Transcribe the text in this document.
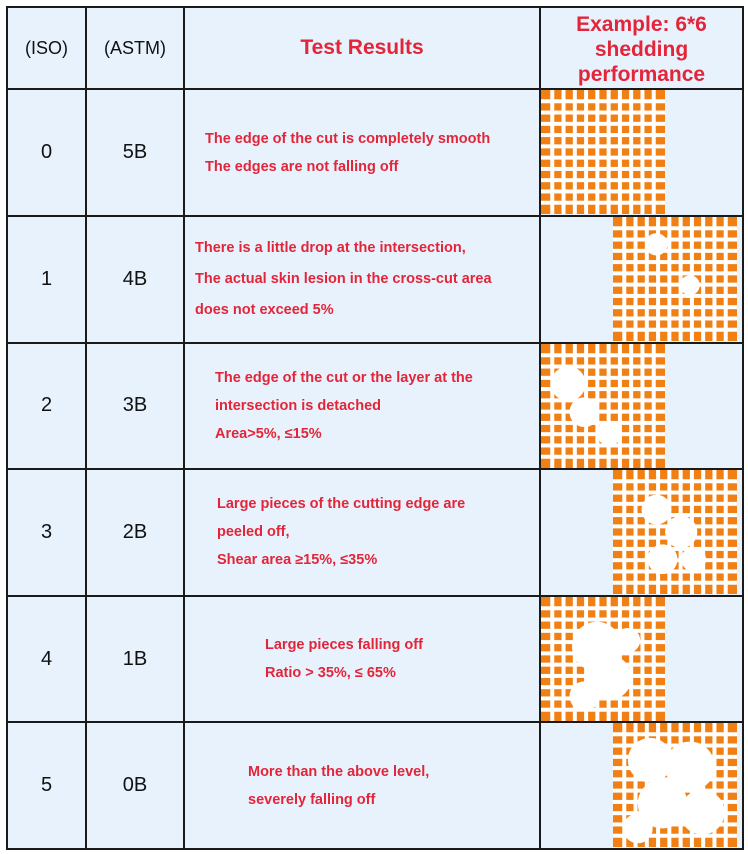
(ISO)	(ASTM)	Test Results	Example: 6*6
shedding
performance

0	5B	The edge of the cut is completely smooth
The edges are not falling off

1	4B	There is a little drop at the intersection,
The actual skin lesion in the cross-cut area
does not exceed 5%

2	3B	The edge of the cut or the layer at the
intersection is detached
Area>5%, ≤15%

3	2B	Large pieces of the cutting edge are
peeled off,
Shear area ≥15%, ≤35%

4	1B	Large pieces falling off
Ratio > 35%, ≤ 65%

5	0B	More than the above level,
severely falling off
